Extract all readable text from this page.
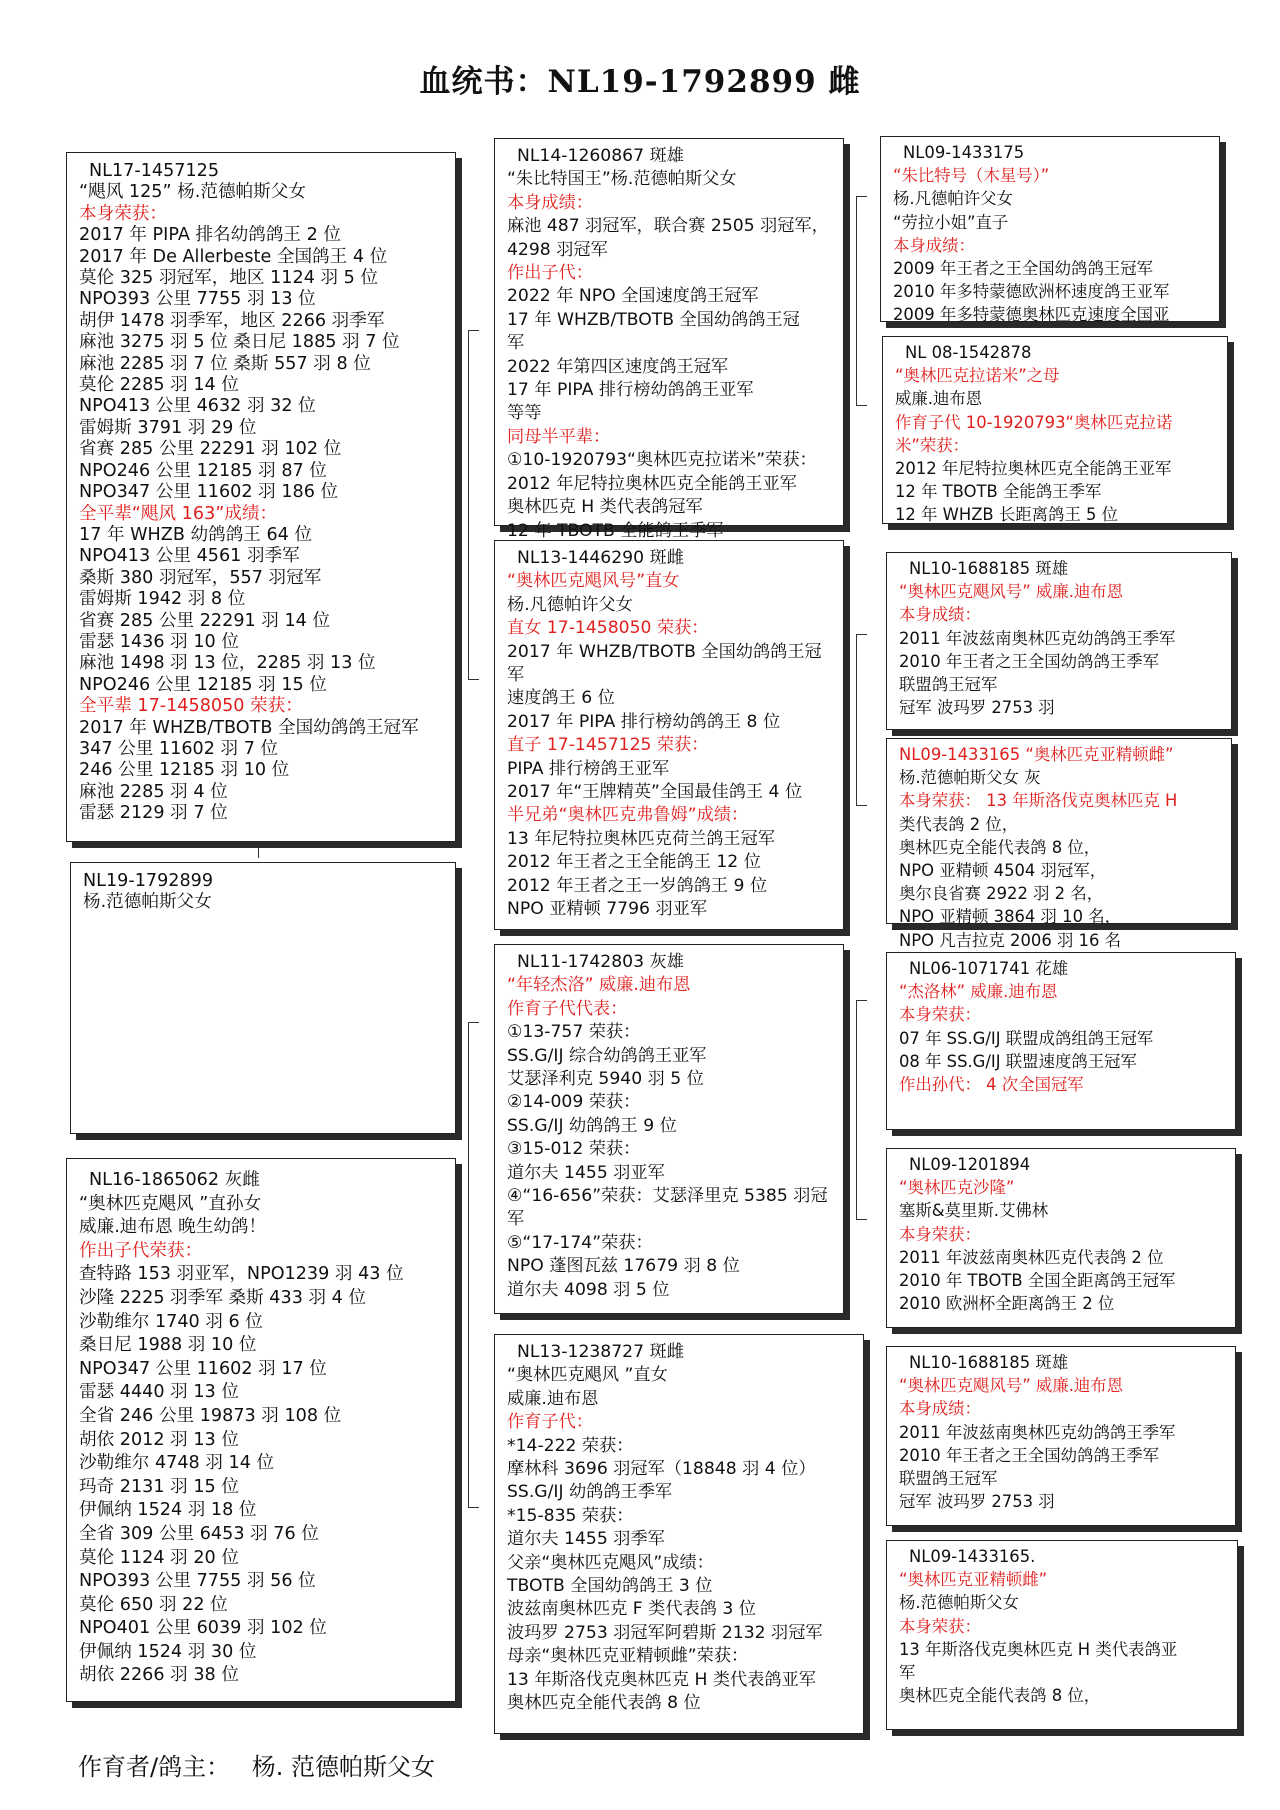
血统书：NL19-1792899 雌
NL17-1457125
“飓风 125” 杨.范德帕斯父女
本身荣获：
2017 年 PIPA 排名幼鸽鸽王 2 位
2017 年 De Allerbeste 全国鸽王 4 位
莫伦 325 羽冠军，地区 1124 羽 5 位
NPO393 公里 7755 羽 13 位
胡伊 1478 羽季军，地区 2266 羽季军
麻池 3275 羽 5 位 桑日尼 1885 羽 7 位
麻池 2285 羽 7 位 桑斯 557 羽 8 位
莫伦 2285 羽 14 位
NPO413 公里 4632 羽 32 位
雷姆斯 3791 羽 29 位
省赛 285 公里 22291 羽 102 位
NPO246 公里 12185 羽 87 位
NPO347 公里 11602 羽 186 位
全平辈“飓风 163”成绩：
17 年 WHZB 幼鸽鸽王 64 位
NPO413 公里 4561 羽季军
桑斯 380 羽冠军，557 羽冠军
雷姆斯 1942 羽 8 位
省赛 285 公里 22291 羽 14 位
雷瑟 1436 羽 10 位
麻池 1498 羽 13 位，2285 羽 13 位
NPO246 公里 12185 羽 15 位
全平辈 17-1458050 荣获：
2017 年 WHZB/TBOTB 全国幼鸽鸽王冠军
347 公里 11602 羽 7 位
246 公里 12185 羽 10 位
麻池 2285 羽 4 位
雷瑟 2129 羽 7 位
NL19-1792899
杨.范德帕斯父女
NL16-1865062 灰雌
“奥林匹克飓风 ”直孙女
威廉.迪布恩 晚生幼鸽！
作出子代荣获：
查特路 153 羽亚军，NPO1239 羽 43 位
沙隆 2225 羽季军 桑斯 433 羽 4 位
沙勒维尔 1740 羽 6 位
桑日尼 1988 羽 10 位
NPO347 公里 11602 羽 17 位
雷瑟 4440 羽 13 位
全省 246 公里 19873 羽 108 位
胡依 2012 羽 13 位
沙勒维尔 4748 羽 14 位
玛奇 2131 羽 15 位
伊佩纳 1524 羽 18 位
全省 309 公里 6453 羽 76 位
莫伦 1124 羽 20 位
NPO393 公里 7755 羽 56 位
莫伦 650 羽 22 位
NPO401 公里 6039 羽 102 位
伊佩纳 1524 羽 30 位
胡依 2266 羽 38 位
NL14-1260867 斑雄
“朱比特国王”杨.范德帕斯父女
本身成绩：
麻池 487 羽冠军，联合赛 2505 羽冠军，
4298 羽冠军
作出子代：
2022 年 NPO 全国速度鸽王冠军
17 年 WHZB/TBOTB 全国幼鸽鸽王冠
军
2022 年第四区速度鸽王冠军
17 年 PIPA 排行榜幼鸽鸽王亚军
等等
同母半平辈：
①10-1920793“奥林匹克拉诺米”荣获：
2012 年尼特拉奥林匹克全能鸽王亚军
奥林匹克 H 类代表鸽冠军
12 年 TBOTB 全能鸽王季军
NL13-1446290 斑雌
“奥林匹克飓风号”直女
杨.凡德帕许父女
直女 17-1458050 荣获：
2017 年 WHZB/TBOTB 全国幼鸽鸽王冠
军
速度鸽王 6 位
2017 年 PIPA 排行榜幼鸽鸽王 8 位
直子 17-1457125 荣获：
PIPA 排行榜鸽王亚军
2017 年“王牌精英”全国最佳鸽王 4 位
半兄弟“奥林匹克弗鲁姆”成绩：
13 年尼特拉奥林匹克荷兰鸽王冠军
2012 年王者之王全能鸽王 12 位
2012 年王者之王一岁鸽鸽王 9 位
NPO 亚精顿 7796 羽亚军
NL11-1742803 灰雄
“年轻杰洛” 威廉.迪布恩
作育子代代表：
①13-757 荣获：
SS.G/IJ 综合幼鸽鸽王亚军
艾瑟泽利克 5940 羽 5 位
②14-009 荣获：
SS.G/IJ 幼鸽鸽王 9 位
③15-012 荣获：
道尔夫 1455 羽亚军
④“16-656”荣获：艾瑟泽里克 5385 羽冠
军
⑤“17-174”荣获：
NPO 蓬图瓦兹 17679 羽 8 位
道尔夫 4098 羽 5 位
NL13-1238727 斑雌
“奥林匹克飓风 ”直女
威廉.迪布恩
作育子代：
*14-222 荣获：
摩林科 3696 羽冠军（18848 羽 4 位）
SS.G/IJ 幼鸽鸽王季军
*15-835 荣获：
道尔夫 1455 羽季军
父亲“奥林匹克飓风”成绩：
TBOTB 全国幼鸽鸽王 3 位
波兹南奥林匹克 F 类代表鸽 3 位
波玛罗 2753 羽冠军阿碧斯 2132 羽冠军
母亲“奥林匹克亚精顿雌”荣获：
13 年斯洛伐克奥林匹克 H 类代表鸽亚军
奥林匹克全能代表鸽 8 位
NL09-1433175
“朱比特号（木星号）”
杨.凡德帕许父女
“劳拉小姐”直子
本身成绩：
2009 年王者之王全国幼鸽鸽王冠军
2010 年多特蒙德欧洲杯速度鸽王亚军
2009 年多特蒙德奥林匹克速度全国亚
NL 08-1542878
“奥林匹克拉诺米”之母
威廉.迪布恩
作育子代 10-1920793“奥林匹克拉诺
米”荣获：
2012 年尼特拉奥林匹克全能鸽王亚军
12 年 TBOTB 全能鸽王季军
12 年 WHZB 长距离鸽王 5 位
NL10-1688185 斑雄
“奥林匹克飓风号” 威廉.迪布恩
本身成绩：
2011 年波兹南奥林匹克幼鸽鸽王季军
2010 年王者之王全国幼鸽鸽王季军
联盟鸽王冠军
冠军 波玛罗 2753 羽
NL09-1433165 “奥林匹克亚精顿雌”
杨.范德帕斯父女 灰
本身荣获： 13 年斯洛伐克奥林匹克 H
类代表鸽 2 位，
奥林匹克全能代表鸽 8 位，
NPO 亚精顿 4504 羽冠军，
奥尔良省赛 2922 羽 2 名，
NPO 亚精顿 3864 羽 10 名，
NPO 凡吉拉克 2006 羽 16 名
NL06-1071741 花雄
“杰洛林” 威廉.迪布恩
本身荣获：
07 年 SS.G/IJ 联盟成鸽组鸽王冠军
08 年 SS.G/IJ 联盟速度鸽王冠军
作出孙代： 4 次全国冠军
NL09-1201894
“奥林匹克沙隆”
塞斯&莫里斯.艾佛林
本身荣获：
2011 年波兹南奥林匹克代表鸽 2 位
2010 年 TBOTB 全国全距离鸽王冠军
2010 欧洲杯全距离鸽王 2 位
NL10-1688185 斑雄
“奥林匹克飓风号” 威廉.迪布恩
本身成绩：
2011 年波兹南奥林匹克幼鸽鸽王季军
2010 年王者之王全国幼鸽鸽王季军
联盟鸽王冠军
冠军 波玛罗 2753 羽
NL09-1433165.
“奥林匹克亚精顿雌”
杨.范德帕斯父女
本身荣获：
13 年斯洛伐克奥林匹克 H 类代表鸽亚
军
奥林匹克全能代表鸽 8 位，
作育者/鸽主： 杨. 范德帕斯父女
